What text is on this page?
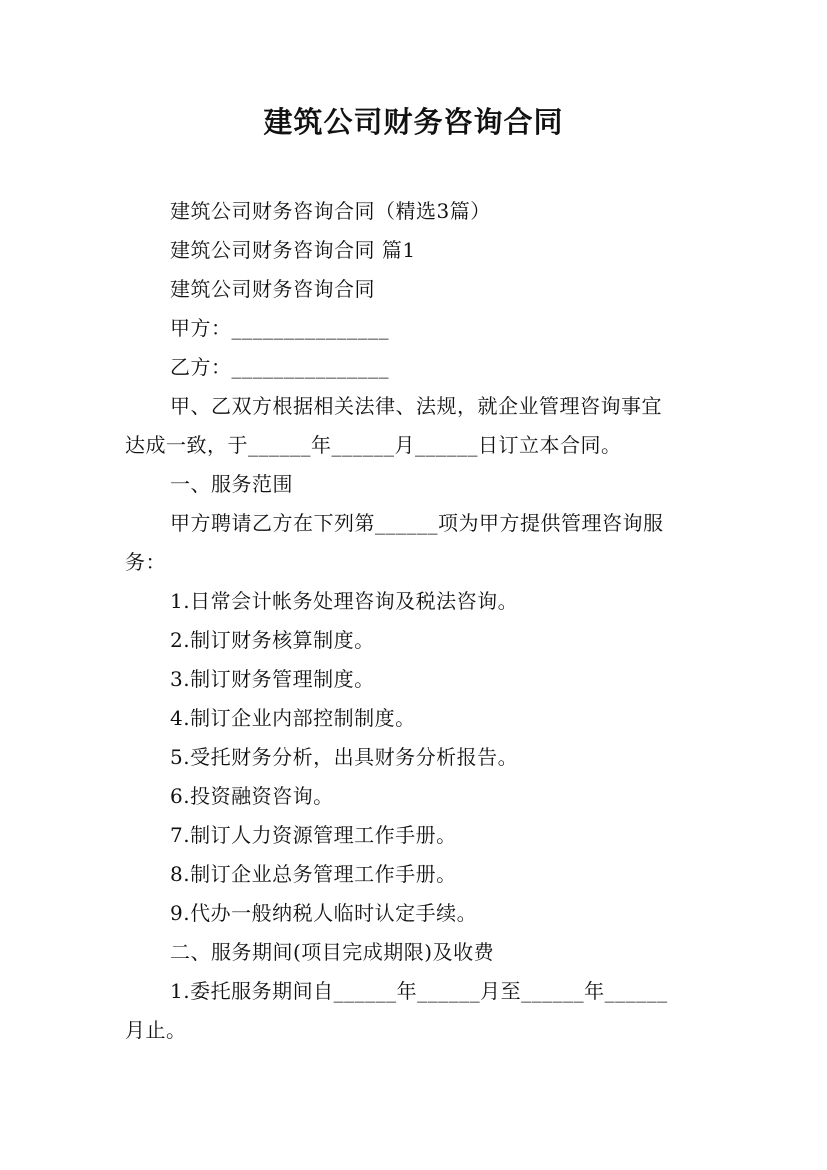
建筑公司财务咨询合同
建筑公司财务咨询合同（精选3篇）
建筑公司财务咨询合同 篇1
建筑公司财务咨询合同
甲方：_______________
乙方：_______________
甲、乙双方根据相关法律、法规，就企业管理咨询事宜
达成一致，于______年______月______日订立本合同。
一、服务范围
甲方聘请乙方在下列第______项为甲方提供管理咨询服
务：
1.日常会计帐务处理咨询及税法咨询。
2.制订财务核算制度。
3.制订财务管理制度。
4.制订企业内部控制制度。
5.受托财务分析，出具财务分析报告。
6.投资融资咨询。
7.制订人力资源管理工作手册。
8.制订企业总务管理工作手册。
9.代办一般纳税人临时认定手续。
二、服务期间(项目完成期限)及收费
1.委托服务期间自______年______月至______年______
月止。
